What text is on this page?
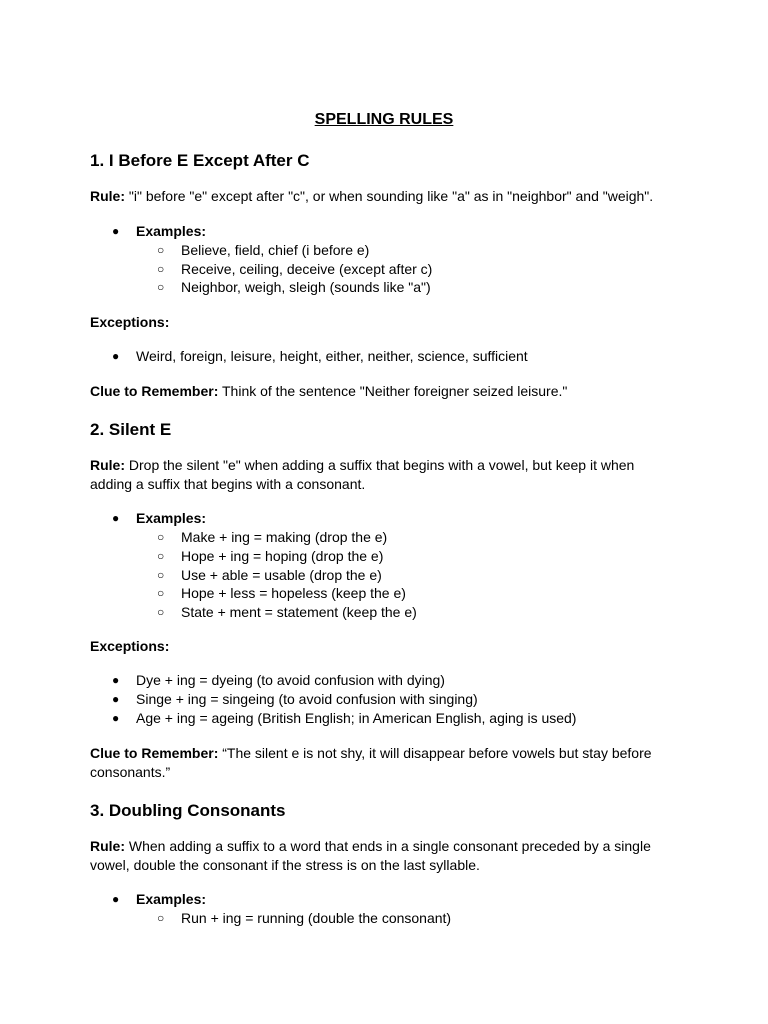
SPELLING RULES
1. I Before E Except After C
Rule: "i" before "e" except after "c", or when sounding like "a" as in "neighbor" and "weigh".
● Examples:
○ Believe, field, chief (i before e)
○ Receive, ceiling, deceive (except after c)
○ Neighbor, weigh, sleigh (sounds like "a")
Exceptions:
● Weird, foreign, leisure, height, either, neither, science, sufficient
Clue to Remember: Think of the sentence "Neither foreigner seized leisure."
2. Silent E
Rule: Drop the silent "e" when adding a suffix that begins with a vowel, but keep it when adding a suffix that begins with a consonant.
● Examples:
○ Make + ing = making (drop the e)
○ Hope + ing = hoping (drop the e)
○ Use + able = usable (drop the e)
○ Hope + less = hopeless (keep the e)
○ State + ment = statement (keep the e)
Exceptions:
● Dye + ing = dyeing (to avoid confusion with dying)
● Singe + ing = singeing (to avoid confusion with singing)
● Age + ing = ageing (British English; in American English, aging is used)
Clue to Remember: “The silent e is not shy, it will disappear before vowels but stay before consonants.”
3. Doubling Consonants
Rule: When adding a suffix to a word that ends in a single consonant preceded by a single vowel, double the consonant if the stress is on the last syllable.
● Examples:
○ Run + ing = running (double the consonant)
